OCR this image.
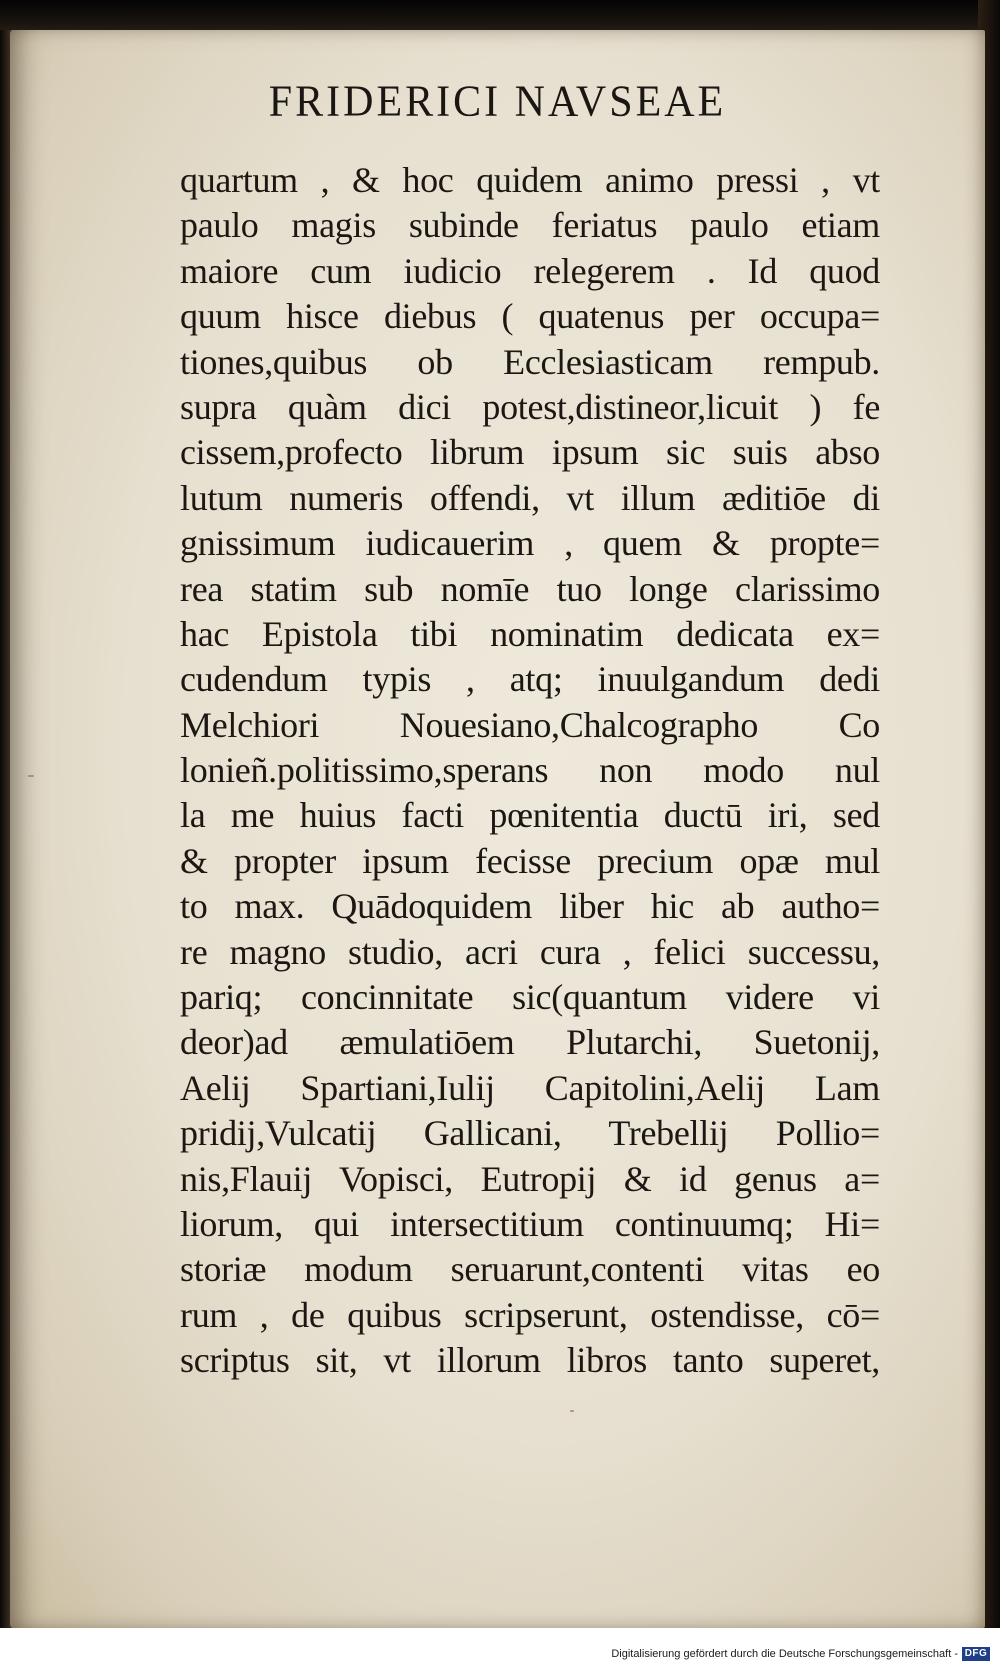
FRIDERICI NAVSEAE
quartum , & hoc quidem animo pressi , vt
paulo magis subinde feriatus paulo etiam
maiore cum iudicio relegerem . Id quod
quum hisce diebus ( quatenus per occupa=
tiones,quibus ob Ecclesiasticam rempub.
supra quàm dici potest,distineor,licuit ) fe
cissem,profecto librum ipsum sic suis abso
lutum numeris offendi, vt illum æditiōe di
gnissimum iudicauerim , quem & propte=
rea statim sub nomīe tuo longe clarissimo
hac Epistola tibi nominatim dedicata ex=
cudendum typis , atq; inuulgandum dedi
Melchiori Nouesiano,Chalcographo Co
lonieñ.politissimo,sperans non modo nul
la me huius facti pœnitentia ductū iri, sed
& propter ipsum fecisse precium opæ mul
to max. Quādoquidem liber hic ab autho=
re magno studio, acri cura , felici successu,
pariq; concinnitate sic(quantum videre vi
deor)ad æmulatiōem Plutarchi, Suetonij,
Aelij Spartiani,Iulij Capitolini,Aelij Lam
pridij,Vulcatij Gallicani, Trebellij Pollio=
nis,Flauij Vopisci, Eutropij & id genus a=
liorum, qui intersectitium continuumq; Hi=
storiæ modum seruarunt,contenti vitas eo
rum , de quibus scripserunt, ostendisse, cō=
scriptus sit, vt illorum libros tanto superet,
Digitalisierung gefördert durch die Deutsche Forschungsgemeinschaft - DFG
